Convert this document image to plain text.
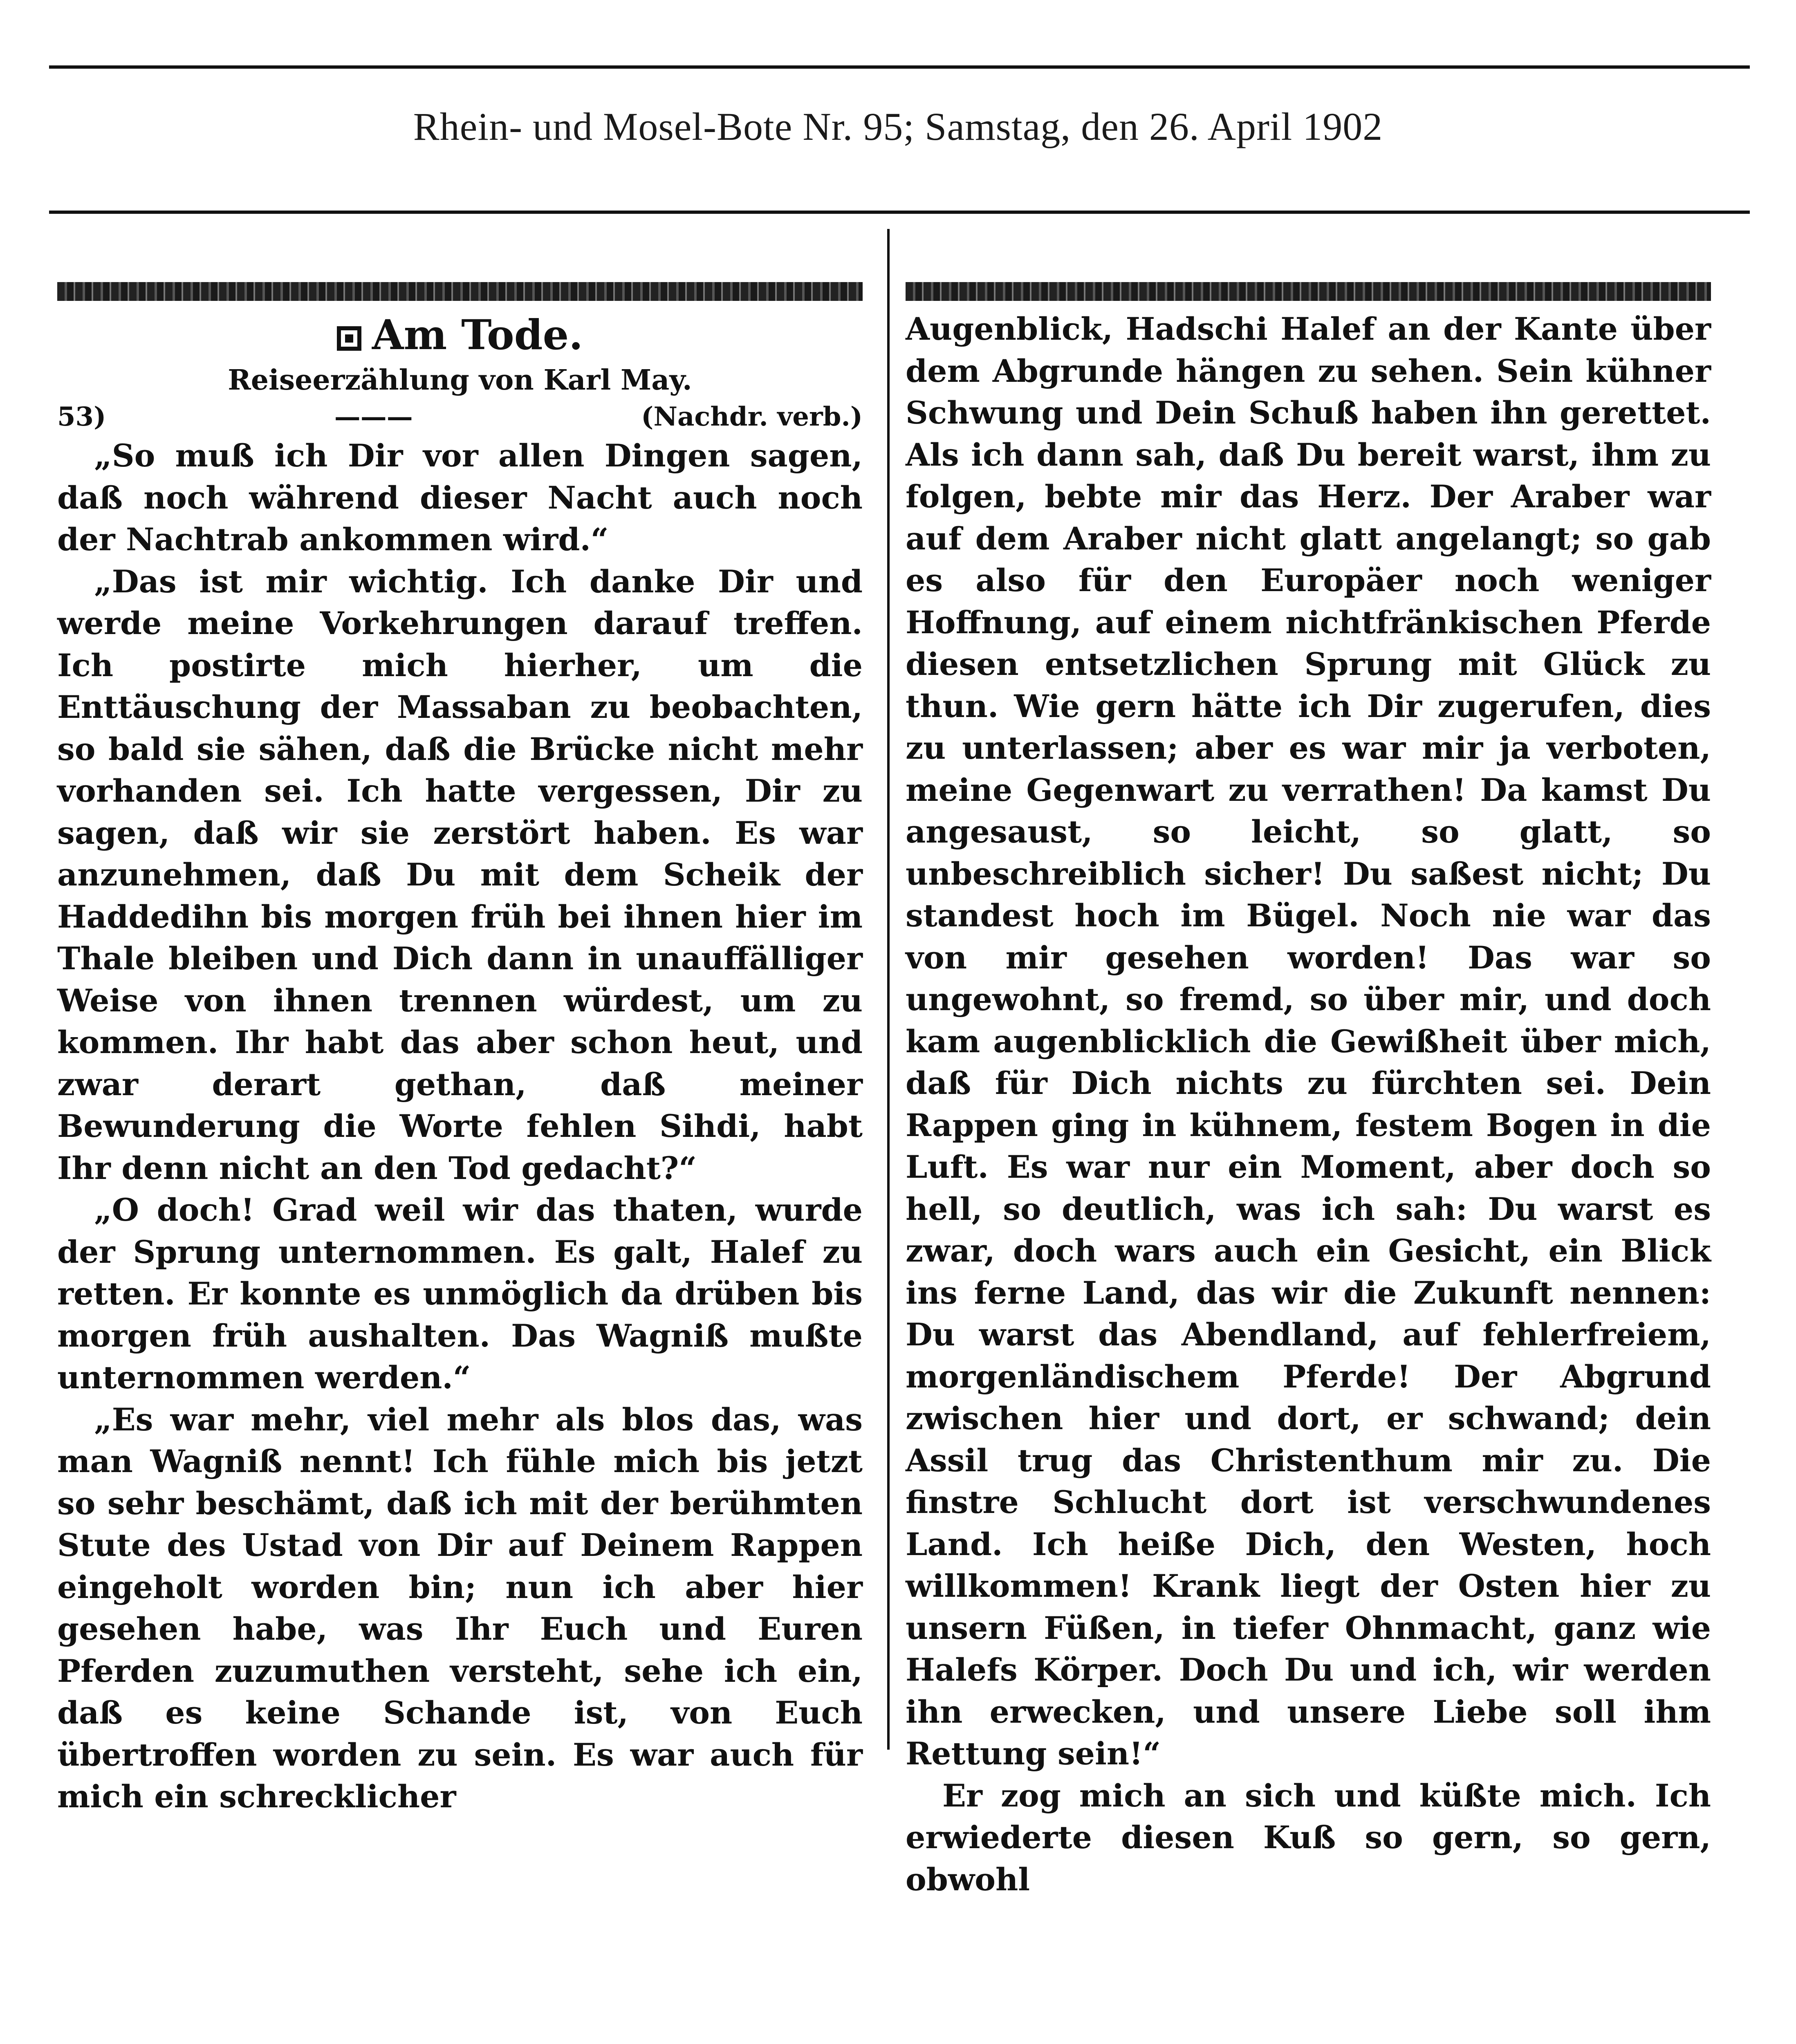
Rhein- und Mosel-Bote Nr. 95; Samstag, den 26. April 1902
Am Tode.
Reiseerzählung von Karl May.
53)	———	(Nachdr. verb.)

„So muß ich Dir vor allen Dingen sagen, daß noch während dieser Nacht auch noch der Nachtrab ankommen wird.“

„Das ist mir wichtig. Ich danke Dir und werde meine Vorkehrungen darauf treffen. Ich postirte mich hierher, um die Enttäuschung der Massaban zu beobachten, so bald sie sähen, daß die Brücke nicht mehr vorhanden sei. Ich hatte vergessen, Dir zu sagen, daß wir sie zerstört haben. Es war anzunehmen, daß Du mit dem Scheik der Haddedihn bis morgen früh bei ihnen hier im Thale bleiben und Dich dann in unauffälliger Weise von ihnen trennen würdest, um zu kommen. Ihr habt das aber schon heut, und zwar derart gethan, daß meiner Bewunderung die Worte fehlen Sihdi, habt Ihr denn nicht an den Tod gedacht?“

„O doch! Grad weil wir das thaten, wurde der Sprung unternommen. Es galt, Halef zu retten. Er konnte es unmöglich da drüben bis morgen früh aushalten. Das Wagniß mußte unternommen werden.“

„Es war mehr, viel mehr als blos das, was man Wagniß nennt! Ich fühle mich bis jetzt so sehr beschämt, daß ich mit der berühmten Stute des Ustad von Dir auf Deinem Rappen eingeholt worden bin; nun ich aber hier gesehen habe, was Ihr Euch und Euren Pferden zuzumuthen versteht, sehe ich ein, daß es keine Schande ist, von Euch übertroffen worden zu sein. Es war auch für mich ein schrecklicher

Augenblick, Hadschi Halef an der Kante über dem Abgrunde hängen zu sehen. Sein kühner Schwung und Dein Schuß haben ihn gerettet. Als ich dann sah, daß Du bereit warst, ihm zu folgen, bebte mir das Herz. Der Araber war auf dem Araber nicht glatt angelangt; so gab es also für den Europäer noch weniger Hoffnung, auf einem nichtfränkischen Pferde diesen entsetzlichen Sprung mit Glück zu thun. Wie gern hätte ich Dir zugerufen, dies zu unterlassen; aber es war mir ja verboten, meine Gegenwart zu verrathen! Da kamst Du angesaust, so leicht, so glatt, so unbeschreiblich sicher! Du saßest nicht; Du standest hoch im Bügel. Noch nie war das von mir gesehen worden! Das war so ungewohnt, so fremd, so über mir, und doch kam augenblicklich die Gewißheit über mich, daß für Dich nichts zu fürchten sei. Dein Rappen ging in kühnem, festem Bogen in die Luft. Es war nur ein Moment, aber doch so hell, so deutlich, was ich sah: Du warst es zwar, doch wars auch ein Gesicht, ein Blick ins ferne Land, das wir die Zukunft nennen: Du warst das Abendland, auf fehlerfreiem, morgenländischem Pferde! Der Abgrund zwischen hier und dort, er schwand; dein Assil trug das Christenthum mir zu. Die finstre Schlucht dort ist verschwundenes Land. Ich heiße Dich, den Westen, hoch willkommen! Krank liegt der Osten hier zu unsern Füßen, in tiefer Ohnmacht, ganz wie Halefs Körper. Doch Du und ich, wir werden ihn erwecken, und unsere Liebe soll ihm Rettung sein!“

Er zog mich an sich und küßte mich. Ich erwiederte diesen Kuß so gern, so gern, obwohl
